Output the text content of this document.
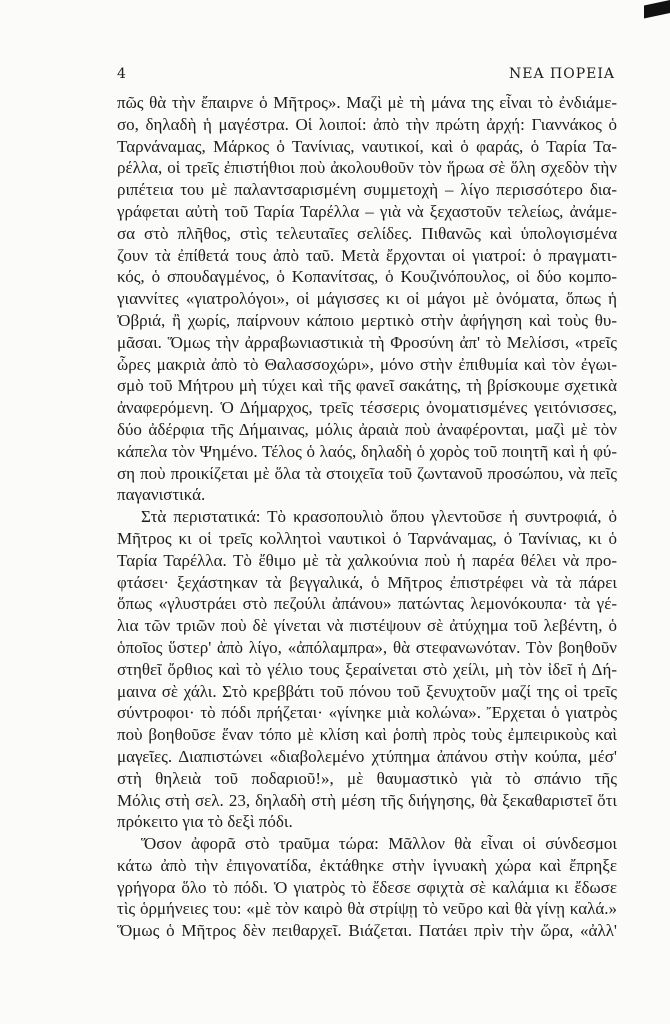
4	ΝΕΑ ΠΟΡΕΙΑ
πῶς θὰ τὴν ἔπαιρνε ὁ Μῆτρος». Μαζὶ μὲ τὴ μάνα της εἶναι τὸ ἐνδιάμε-
σο, δηλαδὴ ἡ μαγέστρα. Οἱ λοιποί: ἀπὸ τὴν πρώτη ἀρχή: Γιαννάκος ὁ
Ταρνάναμας, Μάρκος ὁ Τανίνιας, ναυτικοί, καὶ ὁ φαράς, ὁ Ταρία Τα-
ρέλλα, οἱ τρεῖς ἐπιστήθιοι ποὺ ἀκολουθοῦν τὸν ἥρωα σὲ ὅλη σχεδὸν τὴν
ριπέτεια του μὲ παλαντσαρισμένη συμμετοχὴ – λίγο περισσότερο δια-
γράφεται αὐτὴ τοῦ Ταρία Ταρέλλα – γιὰ νὰ ξεχαστοῦν τελείως, ἀνάμε-
σα στὸ πλῆθος, στὶς τελευταῖες σελίδες. Πιθανῶς καὶ ὑπολογισμένα
ζουν τὰ ἐπίθετά τους ἀπὸ ταῦ. Μετὰ ἔρχονται οἱ γιατροί: ὁ πραγματι-
κός, ὁ σπουδαγμένος, ὁ Κοπανίτσας, ὁ Κουζινόπουλος, οἱ δύο κομπο-
γιαννίτες «γιατρολόγοι», οἱ μάγισσες κι οἱ μάγοι μὲ ὀνόματα, ὅπως ἡ
Ὀβριά, ἢ χωρίς, παίρνουν κάποιο μερτικὸ στὴν ἀφήγηση καὶ τοὺς θυ-
μᾶσαι. Ὅμως τὴν ἀρραβωνιαστικιὰ τὴ Φροσύνη ἀπ' τὸ Μελίσσι, «τρεῖς
ὧρες μακριὰ ἀπὸ τὸ Θαλασσοχώρι», μόνο στὴν ἐπιθυμία καὶ τὸν ἐγωι-
σμὸ τοῦ Μήτρου μὴ τύχει καὶ τῆς φανεῖ σακάτης, τὴ βρίσκουμε σχετικὰ
ἀναφερόμενη. Ὁ Δήμαρχος, τρεῖς τέσσερις ὀνοματισμένες γειτόνισσες,
δύο ἀδέρφια τῆς Δήμαινας, μόλις ἀραιὰ ποὺ ἀναφέρονται, μαζὶ μὲ τὸν
κάπελα τὸν Ψημένο. Τέλος ὁ λαός, δηλαδὴ ὁ χορὸς τοῦ ποιητῆ καὶ ἡ φύ-
ση ποὺ προικίζεται μὲ ὅλα τὰ στοιχεῖα τοῦ ζωντανοῦ προσώπου, νὰ πεῖς
παγανιστικά.
Στὰ περιστατικά: Τὸ κρασοπουλιὸ ὅπου γλεντοῦσε ἡ συντροφιά, ὁ
Μῆτρος κι οἱ τρεῖς κολλητοὶ ναυτικοὶ ὁ Ταρνάναμας, ὁ Τανίνιας, κι ὁ
Ταρία Ταρέλλα. Τὸ ἔθιμο μὲ τὰ χαλκούνια ποὺ ἡ παρέα θέλει νὰ προ-
φτάσει· ξεχάστηκαν τὰ βεγγαλικά, ὁ Μῆτρος ἐπιστρέφει νὰ τὰ πάρει
ὅπως «γλυστράει στὸ πεζούλι ἀπάνου» πατώντας λεμονόκουπα· τὰ γέ-
λια τῶν τριῶν ποὺ δὲ γίνεται νὰ πιστέψουν σὲ ἀτύχημα τοῦ λεβέντη, ὁ
ὁποῖος ὕστερ' ἀπὸ λίγο, «ἀπόλαμπρα», θὰ στεφανωνόταν. Τὸν βοηθοῦν
στηθεῖ ὄρθιος καὶ τὸ γέλιο τους ξεραίνεται στὸ χείλι, μὴ τὸν ἰδεῖ ἡ Δή-
μαινα σὲ χάλι. Στὸ κρεββάτι τοῦ πόνου τοῦ ξενυχτοῦν μαζί της οἱ τρεῖς
σύντροφοι· τὸ πόδι πρήζεται· «γίνηκε μιὰ κολώνα». Ἔρχεται ὁ γιατρὸς
ποὺ βοηθοῦσε ἕναν τόπο μὲ κλίση καὶ ῥοπὴ πρὸς τοὺς ἐμπειρικοὺς καὶ
μαγεῖες. Διαπιστώνει «διαβολεμένο χτύπημα ἀπάνου στὴν κούπα, μέσ'
στὴ θηλειὰ τοῦ ποδαριοῦ!», μὲ θαυμαστικὸ γιὰ τὸ σπάνιο τῆς
Μόλις στὴ σελ. 23, δηλαδὴ στὴ μέση τῆς διήγησης, θὰ ξεκαθαριστεῖ ὅτι
πρόκειτο για τὸ δεξὶ πόδι.
Ὅσον ἀφορᾶ στὸ τραῦμα τώρα: Μᾶλλον θὰ εἶναι οἱ σύνδεσμοι
κάτω ἀπὸ τὴν ἐπιγονατίδα, ἐκτάθηκε στὴν ἰγνυακὴ χώρα καὶ ἔπρηξε
γρήγορα ὅλο τὸ πόδι. Ὁ γιατρὸς τὸ ἔδεσε σφιχτὰ σὲ καλάμια κι ἔδωσε
τὶς ὁρμήνειες του: «μὲ τὸν καιρὸ θὰ στρίψῃ τὸ νεῦρο καὶ θὰ γίνῃ καλά.»
Ὅμως ὁ Μῆτρος δὲν πειθαρχεῖ. Βιάζεται. Πατάει πρὶν τὴν ὥρα, «ἀλλ'
